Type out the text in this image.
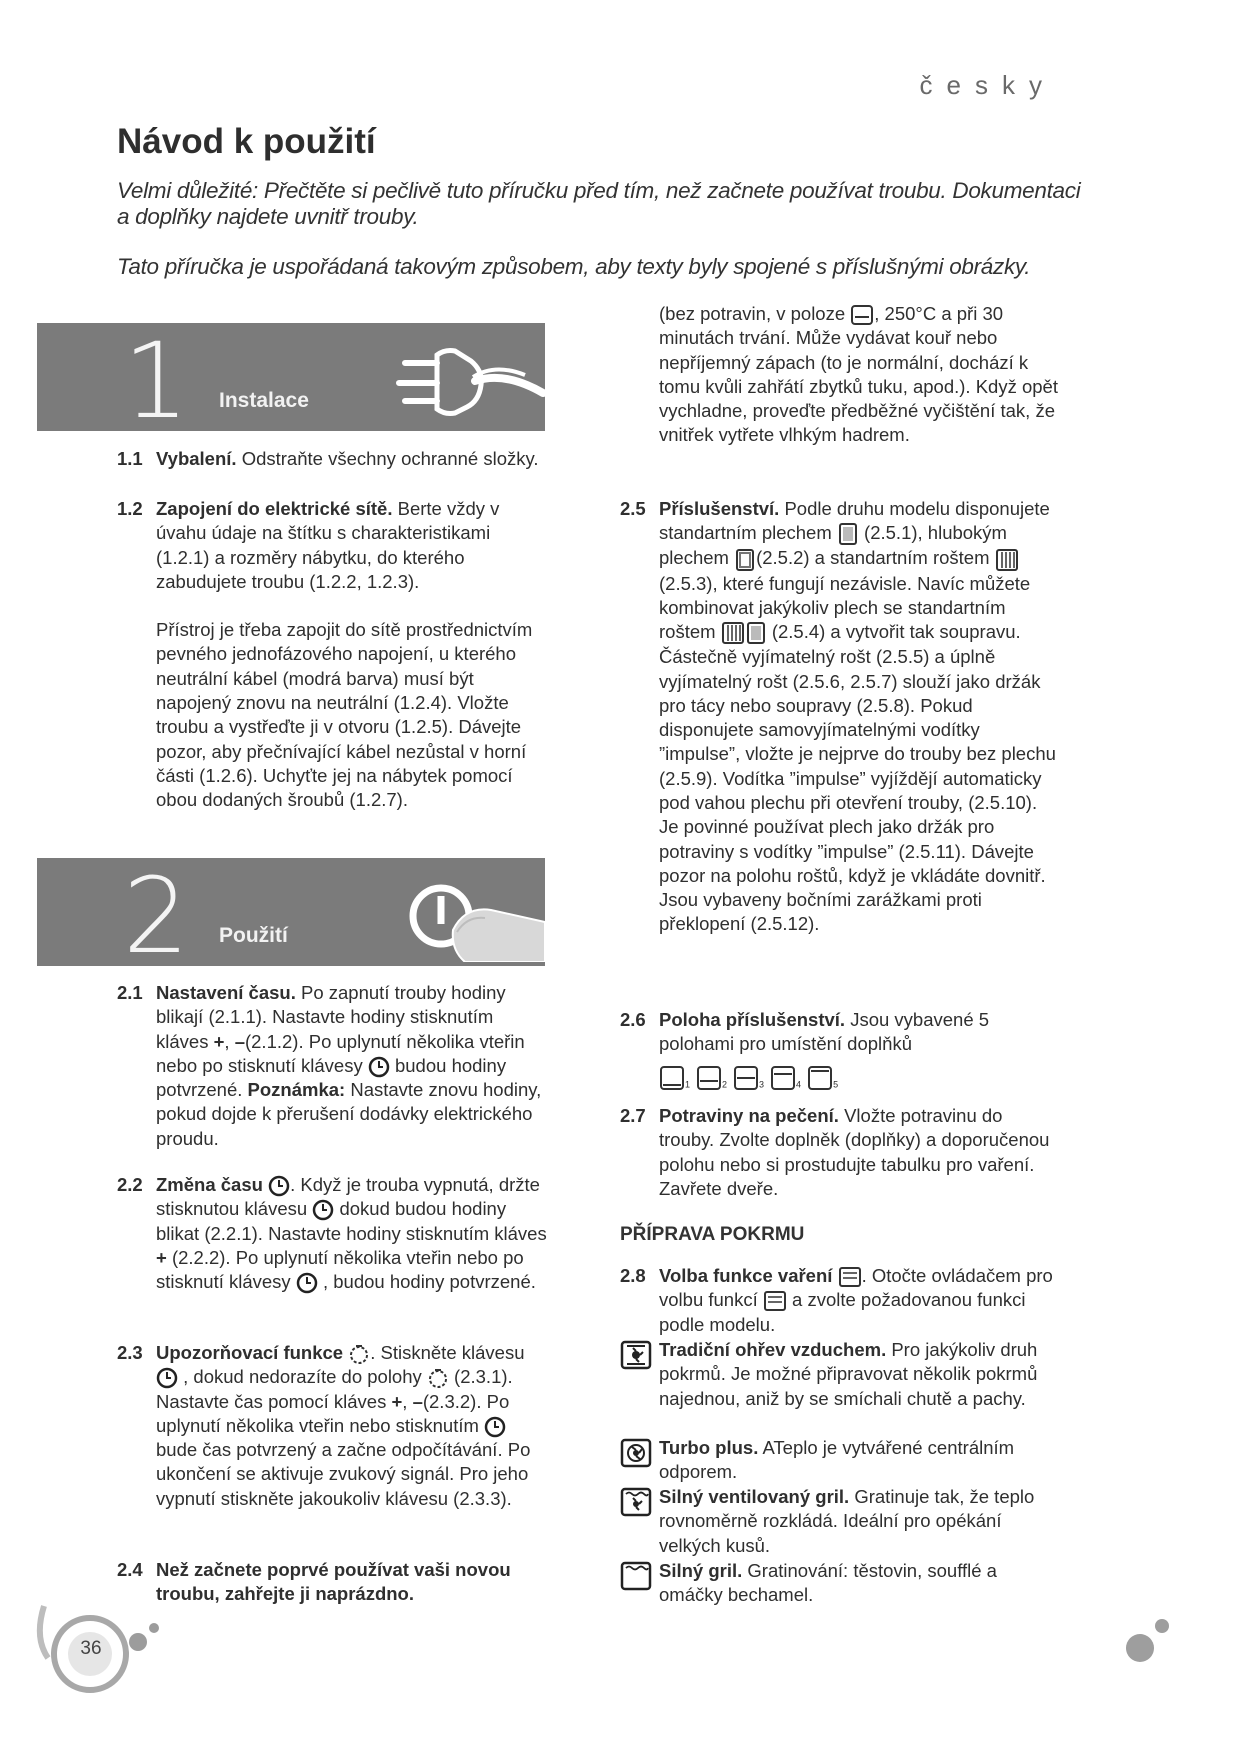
česky
Návod k použití
Velmi důležité: Přečtěte si pečlivě tuto příručku před tím, než začnete používat troubu. Dokumentaci
a doplňky najdete uvnitř trouby.
Tato příručka je uspořádaná takovým způsobem, aby texty byly spojené s příslušnými obrázky.
1 Instalace
1.1 Vybalení. Odstraňte všechny ochranné složky.
1.2 Zapojení do elektrické sítě. Berte vždy v úvahu údaje na štítku s charakteristikami (1.2.1) a rozměry nábytku, do kterého zabudujete troubu (1.2.2, 1.2.3).
Přístroj je třeba zapojit do sítě prostřednictvím pevného jednofázového napojení, u kterého neutrální kábel (modrá barva) musí být napojený znovu na neutrální (1.2.4). Vložte troubu a vystřeďte ji v otvoru (1.2.5). Dávejte pozor, aby přečnívající kábel nezůstal v horní části (1.2.6). Uchyťte jej na nábytek pomocí obou dodaných šroubů (1.2.7).
2 Použití
2.1 Nastavení času. Po zapnutí trouby hodiny blikají (2.1.1). Nastavte hodiny stisknutím kláves +, –(2.1.2). Po uplynutí několika vteřin nebo po stisknutí klávesy budou hodiny potvrzené. Poznámka: Nastavte znovu hodiny, pokud dojde k přerušení dodávky elektrického proudu.
2.2 Změna času . Když je trouba vypnutá, držte stisknutou klávesu dokud budou hodiny blikat (2.2.1). Nastavte hodiny stisknutím kláves + (2.2.2). Po uplynutí několika vteřin nebo po stisknutí klávesy , budou hodiny potvrzené.
2.3 Upozorňovací funkce . Stiskněte klávesu  , dokud nedorazíte do polohy (2.3.1). Nastavte čas pomocí kláves +, –(2.3.2). Po uplynutí několika vteřin nebo stisknutím  bude čas potvrzený a začne odpočítávání. Po ukončení se aktivuje zvukový signál. Pro jeho vypnutí stiskněte jakoukoliv klávesu (2.3.3).
2.4 Než začnete poprvé používat vaši novou troubu, zahřejte ji naprázdno.
(bez potravin, v poloze , 250°C a při 30 minutách trvání. Může vydávat kouř nebo nepříjemný zápach (to je normální, dochází k tomu kvůli zahřátí zbytků tuku, apod.). Když opět vychladne, proveďte předběžné vyčištění tak, že vnitřek vytřete vlhkým hadrem.
2.5 Příslušenství. Podle druhu modelu disponujete standartním plechem (2.5.1), hlubokým plechem (2.5.2) a standartním roštem (2.5.3), které fungují nezávisle. Navíc můžete kombinovat jakýkoliv plech se standartním roštem	(2.5.4) a vytvořit tak soupravu. Částečně vyjímatelný rošt (2.5.5) a úplně vyjímatelný rošt (2.5.6, 2.5.7) slouží jako držák pro tácy nebo soupravy (2.5.8). Pokud disponujete samovyjímatelnými vodítky ”impulse”, vložte je nejprve do trouby bez plechu (2.5.9). Vodítka ”impulse” vyjíždějí automaticky pod vahou plechu při otevření trouby, (2.5.10). Je povinné používat plech jako držák pro potraviny s vodítky ”impulse” (2.5.11). Dávejte pozor na polohu roštů, když je vkládáte dovnitř. Jsou vybaveny bočními zarážkami proti překlopení (2.5.12).
2.6 Poloha příslušenství. Jsou vybavené 5 polohami pro umístění doplňků
$_1$	$_2$	$_3$	$_4$	$_5$
2.7 Potraviny na pečení. Vložte potravinu do trouby. Zvolte doplněk (doplňky) a doporučenou polohu nebo si prostudujte tabulku pro vaření. Zavřete dveře.
PŘÍPRAVA POKRMU
2.8 Volba funkce vaření . Otočte ovládačem pro volbu funkcí a zvolte požadovanou funkci podle modelu.
Tradiční ohřev vzduchem. Pro jakýkoliv druh pokrmů. Je možné připravovat několik pokrmů najednou, aniž by se smíchali chutě a pachy.
Turbo plus. ATeplo je vytvářené centrálním odporem.
Silný ventilovaný gril. Gratinuje tak, že teplo rovnoměrně rozkládá. Ideální pro opékání velkých kusů.
Silný gril. Gratinování: těstovin, soufflé a omáčky bechamel.
36
